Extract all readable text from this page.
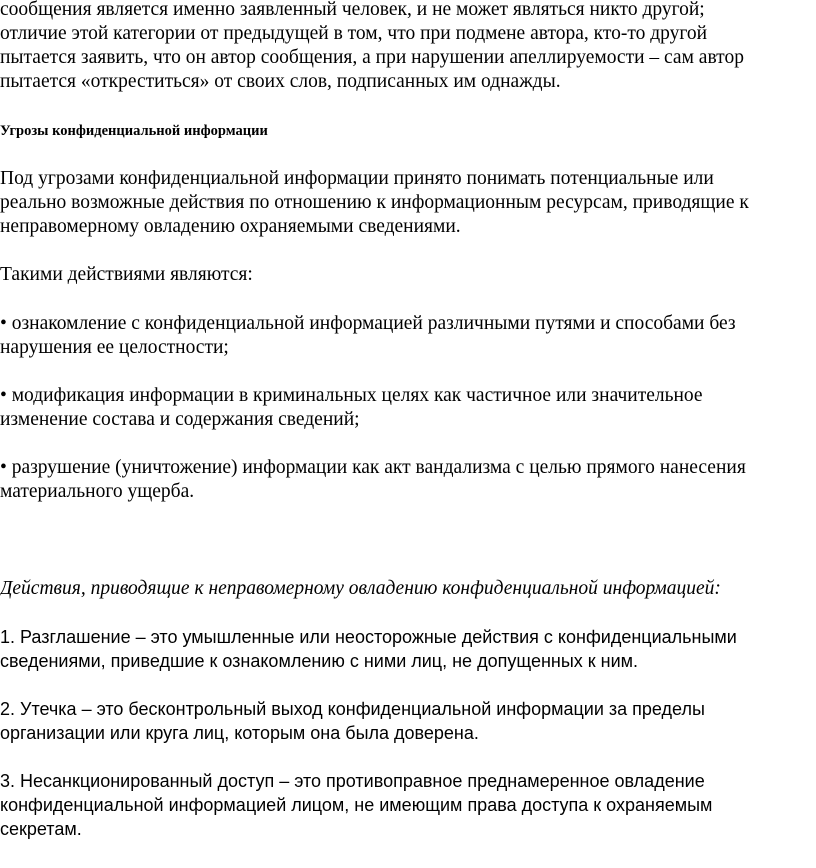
сообщения является именно заявленный человек, и не может являться никто другой;
отличие этой категории от предыдущей в том, что при подмене автора, кто-то другой
пытается заявить, что он автор сообщения, а при нарушении апеллируемости – сам автор
пытается «откреститься» от своих слов, подписанных им однажды.

Угрозы конфиденциальной информации

Под угрозами конфиденциальной информации принято понимать потенциальные или
реально возможные действия по отношению к информационным ресурсам, приводящие к
неправомерному овладению охраняемыми сведениями.

Такими действиями являются:

• ознакомление с конфиденциальной информацией различными путями и способами без
нарушения ее целостности;

• модификация информации в криминальных целях как частичное или значительное
изменение состава и содержания сведений;

• разрушение (уничтожение) информации как акт вандализма с целью прямого нанесения
материального ущерба.

Действия, приводящие к неправомерному овладению конфиденциальной информацией:

1. Разглашение – это умышленные или неосторожные действия с конфиденциальными
сведениями, приведшие к ознакомлению с ними лиц, не допущенных к ним.

2. Утечка – это бесконтрольный выход конфиденциальной информации за пределы
организации или круга лиц, которым она была доверена.

3. Несанкционированный доступ – это противоправное преднамеренное овладение
конфиденциальной информацией лицом, не имеющим права доступа к охраняемым
секретам.
